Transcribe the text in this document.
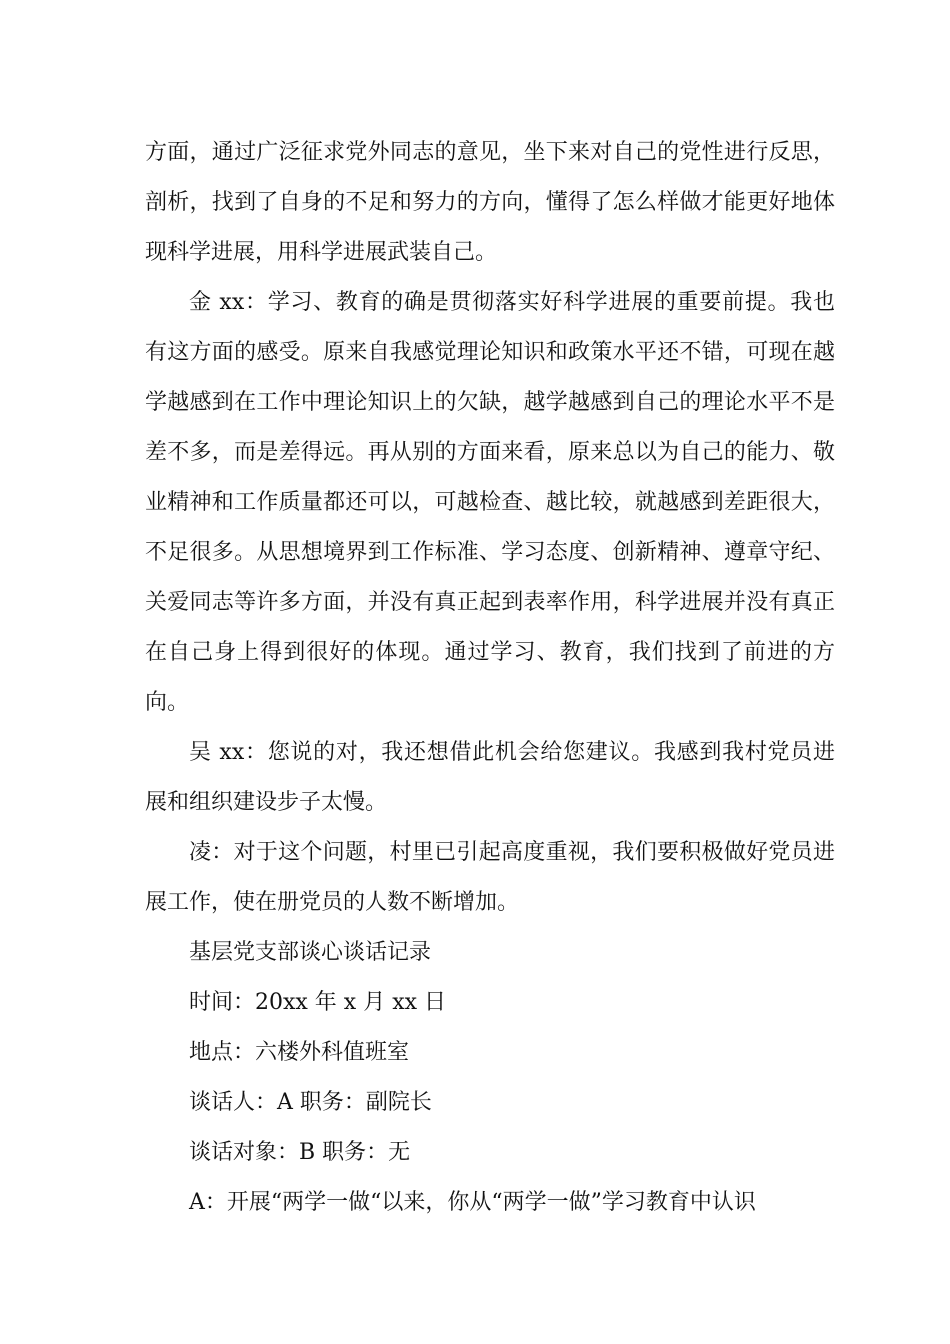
方面，通过广泛征求党外同志的意见，坐下来对自己的党性进行反思，剖析，找到了自身的不足和努力的方向，懂得了怎么样做才能更好地体现科学进展，用科学进展武装自己。

金 xx：学习、教育的确是贯彻落实好科学进展的重要前提。我也有这方面的感受。原来自我感觉理论知识和政策水平还不错，可现在越学越感到在工作中理论知识上的欠缺，越学越感到自己的理论水平不是差不多，而是差得远。再从别的方面来看，原来总以为自己的能力、敬业精神和工作质量都还可以，可越检查、越比较，就越感到差距很大，不足很多。从思想境界到工作标准、学习态度、创新精神、遵章守纪、关爱同志等许多方面，并没有真正起到表率作用，科学进展并没有真正在自己身上得到很好的体现。通过学习、教育，我们找到了前进的方向。

吴 xx：您说的对，我还想借此机会给您建议。我感到我村党员进展和组织建设步子太慢。

凌：对于这个问题，村里已引起高度重视，我们要积极做好党员进展工作，使在册党员的人数不断增加。

基层党支部谈心谈话记录

时间：20xx 年 x 月 xx 日

地点：六楼外科值班室

谈话人：A 职务：副院长

谈话对象：B 职务：无

A：开展“两学一做“以来，你从“两学一做”学习教育中认识
